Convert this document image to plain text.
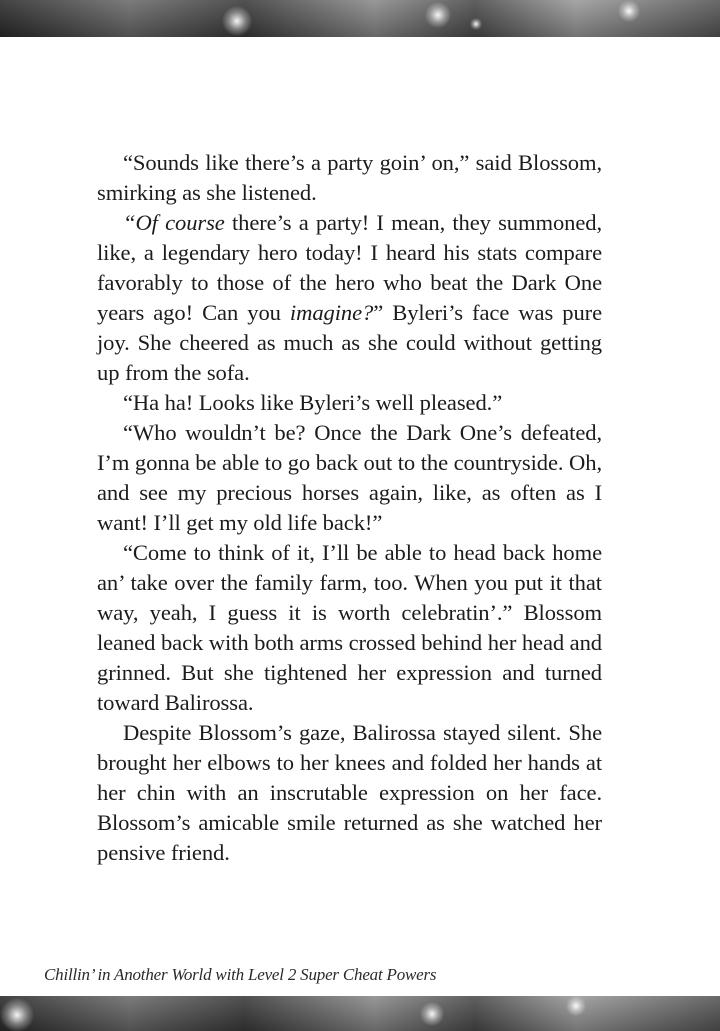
“Sounds like there’s a party goin’ on,” said Blossom, smirking as she listened.

“Of course there’s a party! I mean, they summoned, like, a legendary hero today! I heard his stats compare favorably to those of the hero who beat the Dark One years ago! Can you imagine?” Byleri’s face was pure joy. She cheered as much as she could without getting up from the sofa.

“Ha ha! Looks like Byleri’s well pleased.”

“Who wouldn’t be? Once the Dark One’s defeated, I’m gonna be able to go back out to the countryside. Oh, and see my precious horses again, like, as often as I want! I’ll get my old life back!”

“Come to think of it, I’ll be able to head back home an’ take over the family farm, too. When you put it that way, yeah, I guess it is worth celebratin’.” Blossom leaned back with both arms crossed behind her head and grinned. But she tightened her expression and turned toward Balirossa.

Despite Blossom’s gaze, Balirossa stayed silent. She brought her elbows to her knees and folded her hands at her chin with an inscrutable expression on her face. Blossom’s amicable smile returned as she watched her pensive friend.

Chillin’ in Another World with Level 2 Super Cheat Powers
